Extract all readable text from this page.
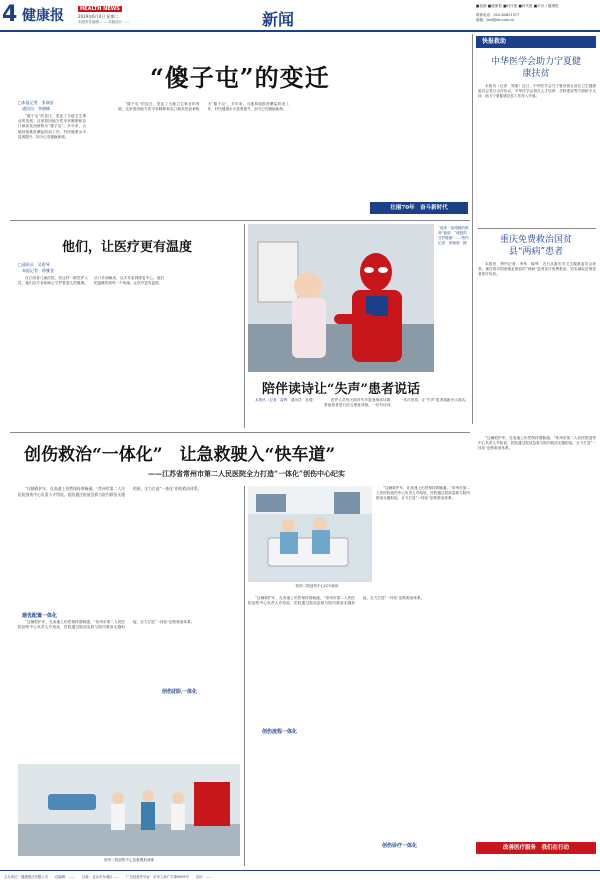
4 健康报	HEALTH NEWS
2019年6月4日 星期二
本版责任编辑 …… 本版设计 ……	新闻
■视频 ■健康报 ■时代报 ■时代报 ■平台 / 健康报
联系电话：010-64621377
邮箱：jkb@jkb.com.cn
“傻子屯”的变迁
□本报记者　张瑞安
　通讯员　李晓峰

“傻子屯”的变迁，见证了当地卫生事业的发展。这里曾因地方性甲状腺肿和克汀病高发而被称为“傻子屯”。多年来，当地持续推进碘盐防治工作，村民健康水平显著提升，如今已旧貌换新颜。

“傻子屯”的变迁，见证了当地卫生事业的发展。这里曾因地方性甲状腺肿和克汀病高发而被称为“傻子屯”。多年来，当地持续推进碘盐防治工作，村民健康水平显著提升，如今已旧貌换新颜。

壮丽70年　奋斗新时代
他们，让医疗更有温度
□通讯员　吴碧琴
　本报记者　徐雅金

在江西省儿童医院，有这样一群医护人员，他们以专业和耐心守护着患儿的健康。从门诊到病房，从手术室到康复中心，他们把温暖带到每一个角落，让医疗更有温度。

“他来一条漫威的救命”他说：“诚恳的守护健康”……特约记者　张晓莉　摄
陪伴读诗让“失声”患者说话

本报讯（记者　雷辉　通讯员　杜璟）	医护人员每天陪伴失声患者朗读诗歌，帮助患者进行语言康复训练。一句句诗词、一次次坚持，让“失声”患者重新开口说话。

创伤救治“一体化”　让急救驶入“快车道”
——江苏省常州市第二人民医院全力打造“一体化”创伤中心纪实

“这辆救护车，在高速上仍然保持着畅通。”常州市第二人民医院创伤中心负责人介绍说，医院通过院前急救与院内救治无缝衔接，全力打造“一体化”创伤救治体系。

常州二院创伤中心ICU病房

“这辆救护车，在高速上仍然保持着畅通。”常州市第二人民医院创伤中心负责人介绍说，医院通过院前急救与院内救治无缝衔接，全力打造“一体化”创伤救治体系。

建优配置一体化

“这辆救护车，在高速上仍然保持着畅通。”常州市第二人民医院创伤中心负责人介绍说，医院通过院前急救与院内救治无缝衔接，全力打造“一体化”创伤救治体系。

创伤团队一体化
创伤流程一体化

“这辆救护车，在高速上仍然保持着畅通。”常州市第二人民医院创伤中心负责人介绍说，医院通过院前急救与院内救治无缝衔接，全力打造“一体化”创伤救治体系。

创伤诊疗一体化
常州二院创伤中心急救模拟演练
快报救助
中华医学会助力宁夏健康扶贫

本报讯（记者　刘燕）近日，中华医学会与宁夏回族自治区卫生健康委员会签订合作协议，中华医学会将在人才培养、学科建设等方面给予支持，助力宁夏健康扶贫工作深入开展。

重庆免费救治国贫县“两病”患者

本报讯　特约记者　李炜　喻琴　近日从重庆市卫生健康委员会获悉，重庆将对国家级贫困县的“两病”患者实行免费救治，切实减轻贫困患者医疗负担。

“这辆救护车，在高速上仍然保持着畅通。”常州市第二人民医院创伤中心负责人介绍说，医院通过院前急救与院内救治无缝衔接，全力打造“一体化”创伤救治体系。

改善医疗服务　我们在行动
主办单位：健康报社有限公司　　总编辑：……　　社址：北京市东城区……　　广告经营许可证：京东工商广字第0095号　　定价：……
